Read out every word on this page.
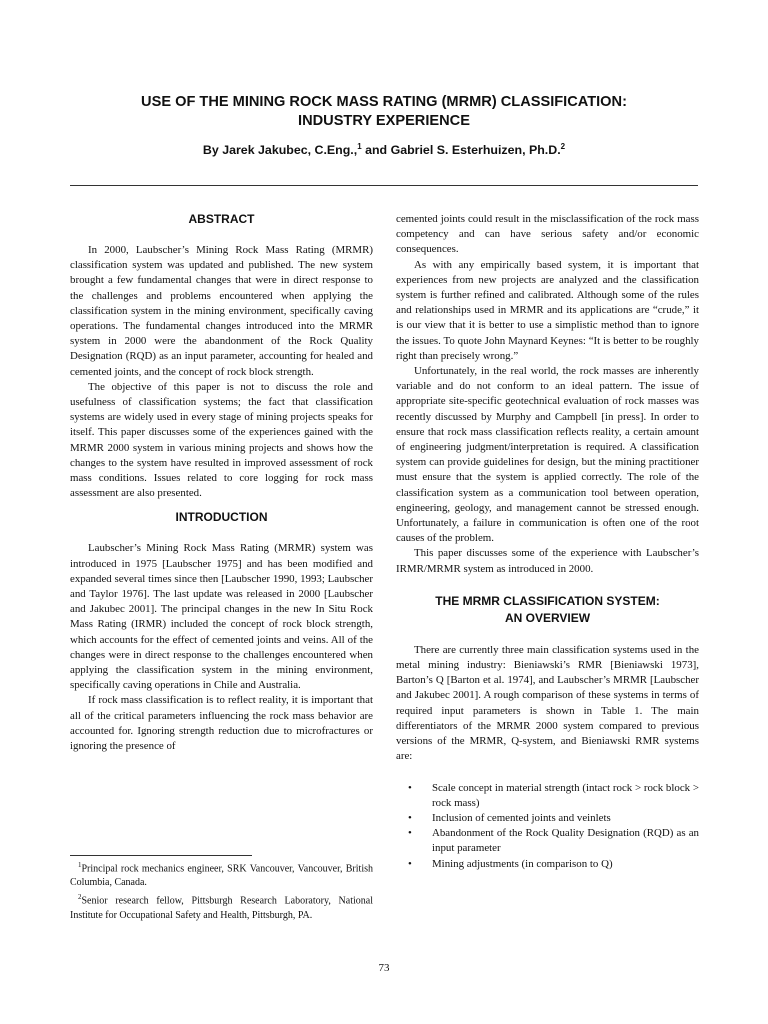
USE OF THE MINING ROCK MASS RATING (MRMR) CLASSIFICATION:
INDUSTRY EXPERIENCE
By Jarek Jakubec, C.Eng.,$^1$ and Gabriel S. Esterhuizen, Ph.D.$^2$
ABSTRACT

In 2000, Laubscher’s Mining Rock Mass Rating (MRMR) classification system was updated and published. The new system brought a few fundamental changes that were in direct response to the challenges and problems encountered when applying the classification system in the mining environment, specifically caving operations. The fundamental changes introduced into the MRMR system in 2000 were the abandonment of the Rock Quality Designation (RQD) as an input parameter, accounting for healed and cemented joints, and the concept of rock block strength.

The objective of this paper is not to discuss the role and usefulness of classification systems; the fact that classification systems are widely used in every stage of mining projects speaks for itself. This paper discusses some of the experiences gained with the MRMR 2000 system in various mining projects and shows how the changes to the system have resulted in improved assessment of rock mass conditions. Issues related to core logging for rock mass assessment are also presented.

INTRODUCTION

Laubscher’s Mining Rock Mass Rating (MRMR) system was introduced in 1975 [Laubscher 1975] and has been modified and expanded several times since then [Laubscher 1990, 1993; Laubscher and Taylor 1976]. The last update was released in 2000 [Laubscher and Jakubec 2001]. The principal changes in the new In Situ Rock Mass Rating (IRMR) included the concept of rock block strength, which accounts for the effect of cemented joints and veins. All of the changes were in direct response to the challenges encountered when applying the classification system in the mining environment, specifically caving operations in Chile and Australia.

If rock mass classification is to reflect reality, it is important that all of the critical parameters influencing the rock mass behavior are accounted for. Ignoring strength reduction due to microfractures or ignoring the presence of

cemented joints could result in the misclassification of the rock mass competency and can have serious safety and/or economic consequences.

As with any empirically based system, it is important that experiences from new projects are analyzed and the classification system is further refined and calibrated. Although some of the rules and relationships used in MRMR and its applications are “crude,” it is our view that it is better to use a simplistic method than to ignore the issues. To quote John Maynard Keynes: “It is better to be roughly right than precisely wrong.”

Unfortunately, in the real world, the rock masses are inherently variable and do not conform to an ideal pattern. The issue of appropriate site-specific geotechnical evaluation of rock masses was recently discussed by Murphy and Campbell [in press]. In order to ensure that rock mass classification reflects reality, a certain amount of engineering judgment/interpretation is required. A classification system can provide guidelines for design, but the mining practitioner must ensure that the system is applied correctly. The role of the classification system as a communication tool between operation, engineering, geology, and management cannot be stressed enough. Unfortunately, a failure in communication is often one of the root causes of the problem.

This paper discusses some of the experience with Laubscher’s IRMR/MRMR system as introduced in 2000.

THE MRMR CLASSIFICATION SYSTEM:
AN OVERVIEW

There are currently three main classification systems used in the metal mining industry: Bieniawski’s RMR [Bieniawski 1973], Barton’s Q [Barton et al. 1974], and Laubscher’s MRMR [Laubscher and Jakubec 2001]. A rough comparison of these systems in terms of required input parameters is shown in Table 1. The main differentiators of the MRMR 2000 system compared to previous versions of the MRMR, Q-system, and Bieniawski RMR systems are:

• Scale concept in material strength (intact rock > rock block > rock mass)
• Inclusion of cemented joints and veinlets
• Abandonment of the Rock Quality Designation (RQD) as an input parameter
• Mining adjustments (in comparison to Q)

$^1$Principal rock mechanics engineer, SRK Vancouver, Vancouver, British Columbia, Canada.

$^2$Senior research fellow, Pittsburgh Research Laboratory, National Institute for Occupational Safety and Health, Pittsburgh, PA.

73
